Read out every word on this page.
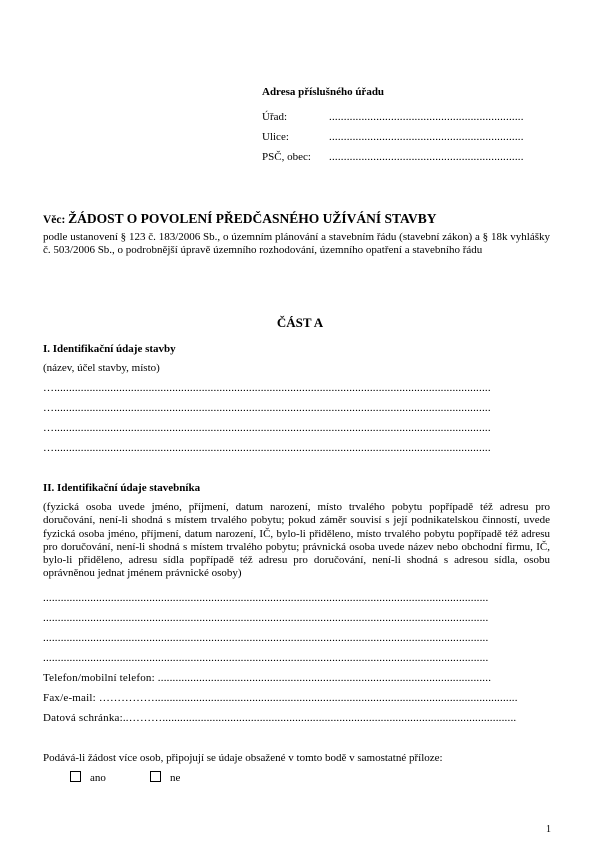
Adresa příslušného úřadu
Úřad:	..................................................................
Ulice:	..................................................................
PSČ, obec: ..................................................................
Věc: ŽÁDOST O POVOLENÍ PŘEDČASNÉHO UŽÍVÁNÍ STAVBY
podle ustanovení § 123 č. 183/2006 Sb., o územním plánování a stavebním řádu (stavební zákon) a § 18k vyhlášky č. 503/2006 Sb., o podrobnější úpravě územního rozhodování, územního opatření a stavebního řádu
ČÁST A
I. Identifikační údaje stavby
(název, účel stavby, místo)
…....................................................................................................................................................
…....................................................................................................................................................
…....................................................................................................................................................
…....................................................................................................................................................
II. Identifikační údaje stavebníka
(fyzická osoba uvede jméno, příjmení, datum narození, místo trvalého pobytu popřípadě též adresu pro doručování, není-li shodná s místem trvalého pobytu; pokud záměr souvisí s její podnikatelskou činností, uvede fyzická osoba jméno, příjmení, datum narození, IČ, bylo-li přiděleno, místo trvalého pobytu popřípadě též adresu pro doručování, není-li shodná s místem trvalého pobytu; právnická osoba uvede název nebo obchodní firmu, IČ, bylo-li přiděleno, adresu sídla popřípadě též adresu pro doručování, není-li shodná s adresou sídla, osobu oprávněnou jednat jménem právnické osoby)
.......................................................................................................................................................
.......................................................................................................................................................
.......................................................................................................................................................
.......................................................................................................................................................
Telefon/mobilní telefon: .................................................................................................................
Fax/e-mail: ……………...........................................................................................................................
Datová schránka:..………........................................................................................................................
Podává-li žádost více osob, připojují se údaje obsažené v tomto bodě v samostatné příloze:
ano	ne
1
